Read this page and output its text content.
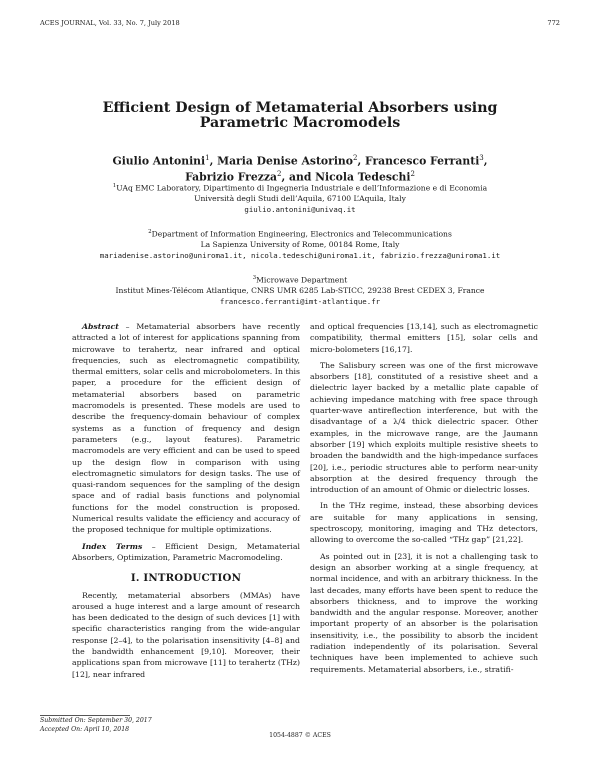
ACES JOURNAL, Vol. 33, No. 7, July 2018	772
Efficient Design of Metamaterial Absorbers using
Parametric Macromodels
Giulio Antonini$^1$, Maria Denise Astorino$^2$, Francesco Ferranti$^3$,
Fabrizio Frezza$^2$, and Nicola Tedeschi$^2$
$^1$UAq EMC Laboratory, Dipartimento di Ingegneria Industriale e dell’Informazione e di Economia
Università degli Studi dell’Aquila, 67100 L’Aquila, Italy
giulio.antonini@univaq.it
$^2$Department of Information Engineering, Electronics and Telecommunications
La Sapienza University of Rome, 00184 Rome, Italy
mariadenise.astorino@uniroma1.it, nicola.tedeschi@uniroma1.it, fabrizio.frezza@uniroma1.it
$^3$Microwave Department
Institut Mines-Télécom Atlantique, CNRS UMR 6285 Lab-STICC, 29238 Brest CEDEX 3, France
francesco.ferranti@imt-atlantique.fr

Abstract – Metamaterial absorbers have recently attracted a lot of interest for applications spanning from microwave to terahertz, near infrared and optical frequencies, such as electromagnetic compatibility, thermal emitters, solar cells and microbolometers. In this paper, a procedure for the efficient design of metamaterial absorbers based on parametric macromodels is presented. These models are used to describe the frequency-domain behaviour of complex systems as a function of frequency and design parameters (e.g., layout features). Parametric macromodels are very efficient and can be used to speed up the design flow in comparison with using electromagnetic simulators for design tasks. The use of quasi-random sequences for the sampling of the design space and of radial basis functions and polynomial functions for the model construction is proposed. Numerical results validate the efficiency and accuracy of the proposed technique for multiple optimizations.

Index Terms – Efficient Design, Metamaterial Absorbers, Optimization, Parametric Macromodeling.

I. INTRODUCTION

Recently, metamaterial absorbers (MMAs) have aroused a huge interest and a large amount of research has been dedicated to the design of such devices [1] with specific characteristics ranging from the wide-angular response [2–4], to the polarisation insensitivity [4–8] and the bandwidth enhancement [9,10]. Moreover, their applications span from microwave [11] to terahertz (THz) [12], near infrared

and optical frequencies [13,14], such as electromagnetic compatibility, thermal emitters [15], solar cells and micro-bolometers [16,17].

The Salisbury screen was one of the first microwave absorbers [18], constituted of a resistive sheet and a dielectric layer backed by a metallic plate capable of achieving impedance matching with free space through quarter-wave antireflection interference, but with the disadvantage of a λ/4 thick dielectric spacer. Other examples, in the microwave range, are the Jaumann absorber [19] which exploits multiple resistive sheets to broaden the bandwidth and the high-impedance surfaces [20], i.e., periodic structures able to perform near-unity absorption at the desired frequency through the introduction of an amount of Ohmic or dielectric losses.

In the THz regime, instead, these absorbing devices are suitable for many applications in sensing, spectroscopy, monitoring, imaging and THz detectors, allowing to overcome the so-called “THz gap” [21,22].

As pointed out in [23], it is not a challenging task to design an absorber working at a single frequency, at normal incidence, and with an arbitrary thickness. In the last decades, many efforts have been spent to reduce the absorbers thickness, and to improve the working bandwidth and the angular response. Moreover, another important property of an absorber is the polarisation insensitivity, i.e., the possibility to absorb the incident radiation independently of its polarisation. Several techniques have been implemented to achieve such requirements. Metamaterial absorbers, i.e., stratifi-

Submitted On: September 30, 2017
Accepted On: April 10, 2018
1054-4887 © ACES
